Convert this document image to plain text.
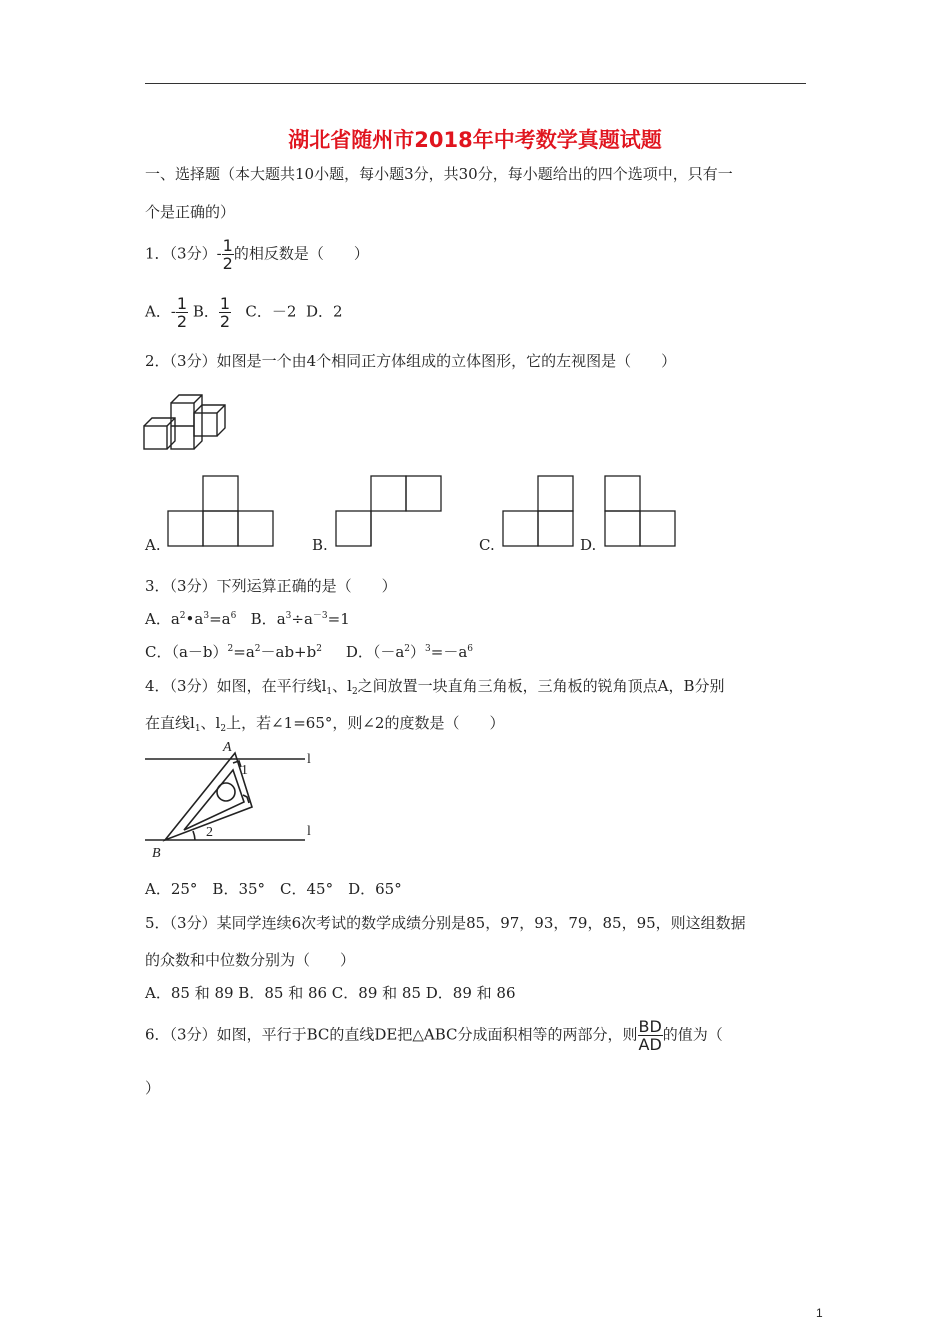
湖北省随州市2018年中考数学真题试题
一、选择题（本大题共10小题，每小题3分，共30分，每小题给出的四个选项中，只有一
个是正确的）
1．（3分）- $\frac{1}{2}$ 的相反数是（　　）
A．- $\frac{1}{2}$ B． $\frac{1}{2}$ C．－2 D．2
2．（3分）如图是一个由4个相同正方体组成的立体图形，它的左视图是（　　）
A.	B.	C.	D.
3．（3分）下列运算正确的是（　　）
A．$a^2•a^3=a^6$ B．$a^3\div a^{-3}=1$
C．$(a-b)^2=a^2-ab+b^2$ D．$(-a^2)^3=-a^6$
4．（3分）如图，在平行线$l_1$、$l_2$之间放置一块直角三角板，三角板的锐角顶点A，B分别
在直线$l_1$、$l_2$上，若∠1=65°，则∠2的度数是（　　）
A
B
1
2
l
l
A．25°　B．35°　C．45°　D．65°
5．（3分）某同学连续6次考试的数学成绩分别是85，97，93，79，85，95，则这组数据
的众数和中位数分别为（　　）
A．85 和 89 B．85 和 86 C．89 和 85 D．89 和 86
6．（3分）如图，平行于BC的直线DE把△ABC分成面积相等的两部分，则 $\frac{BD}{AD}$ 的值为（
）
1
